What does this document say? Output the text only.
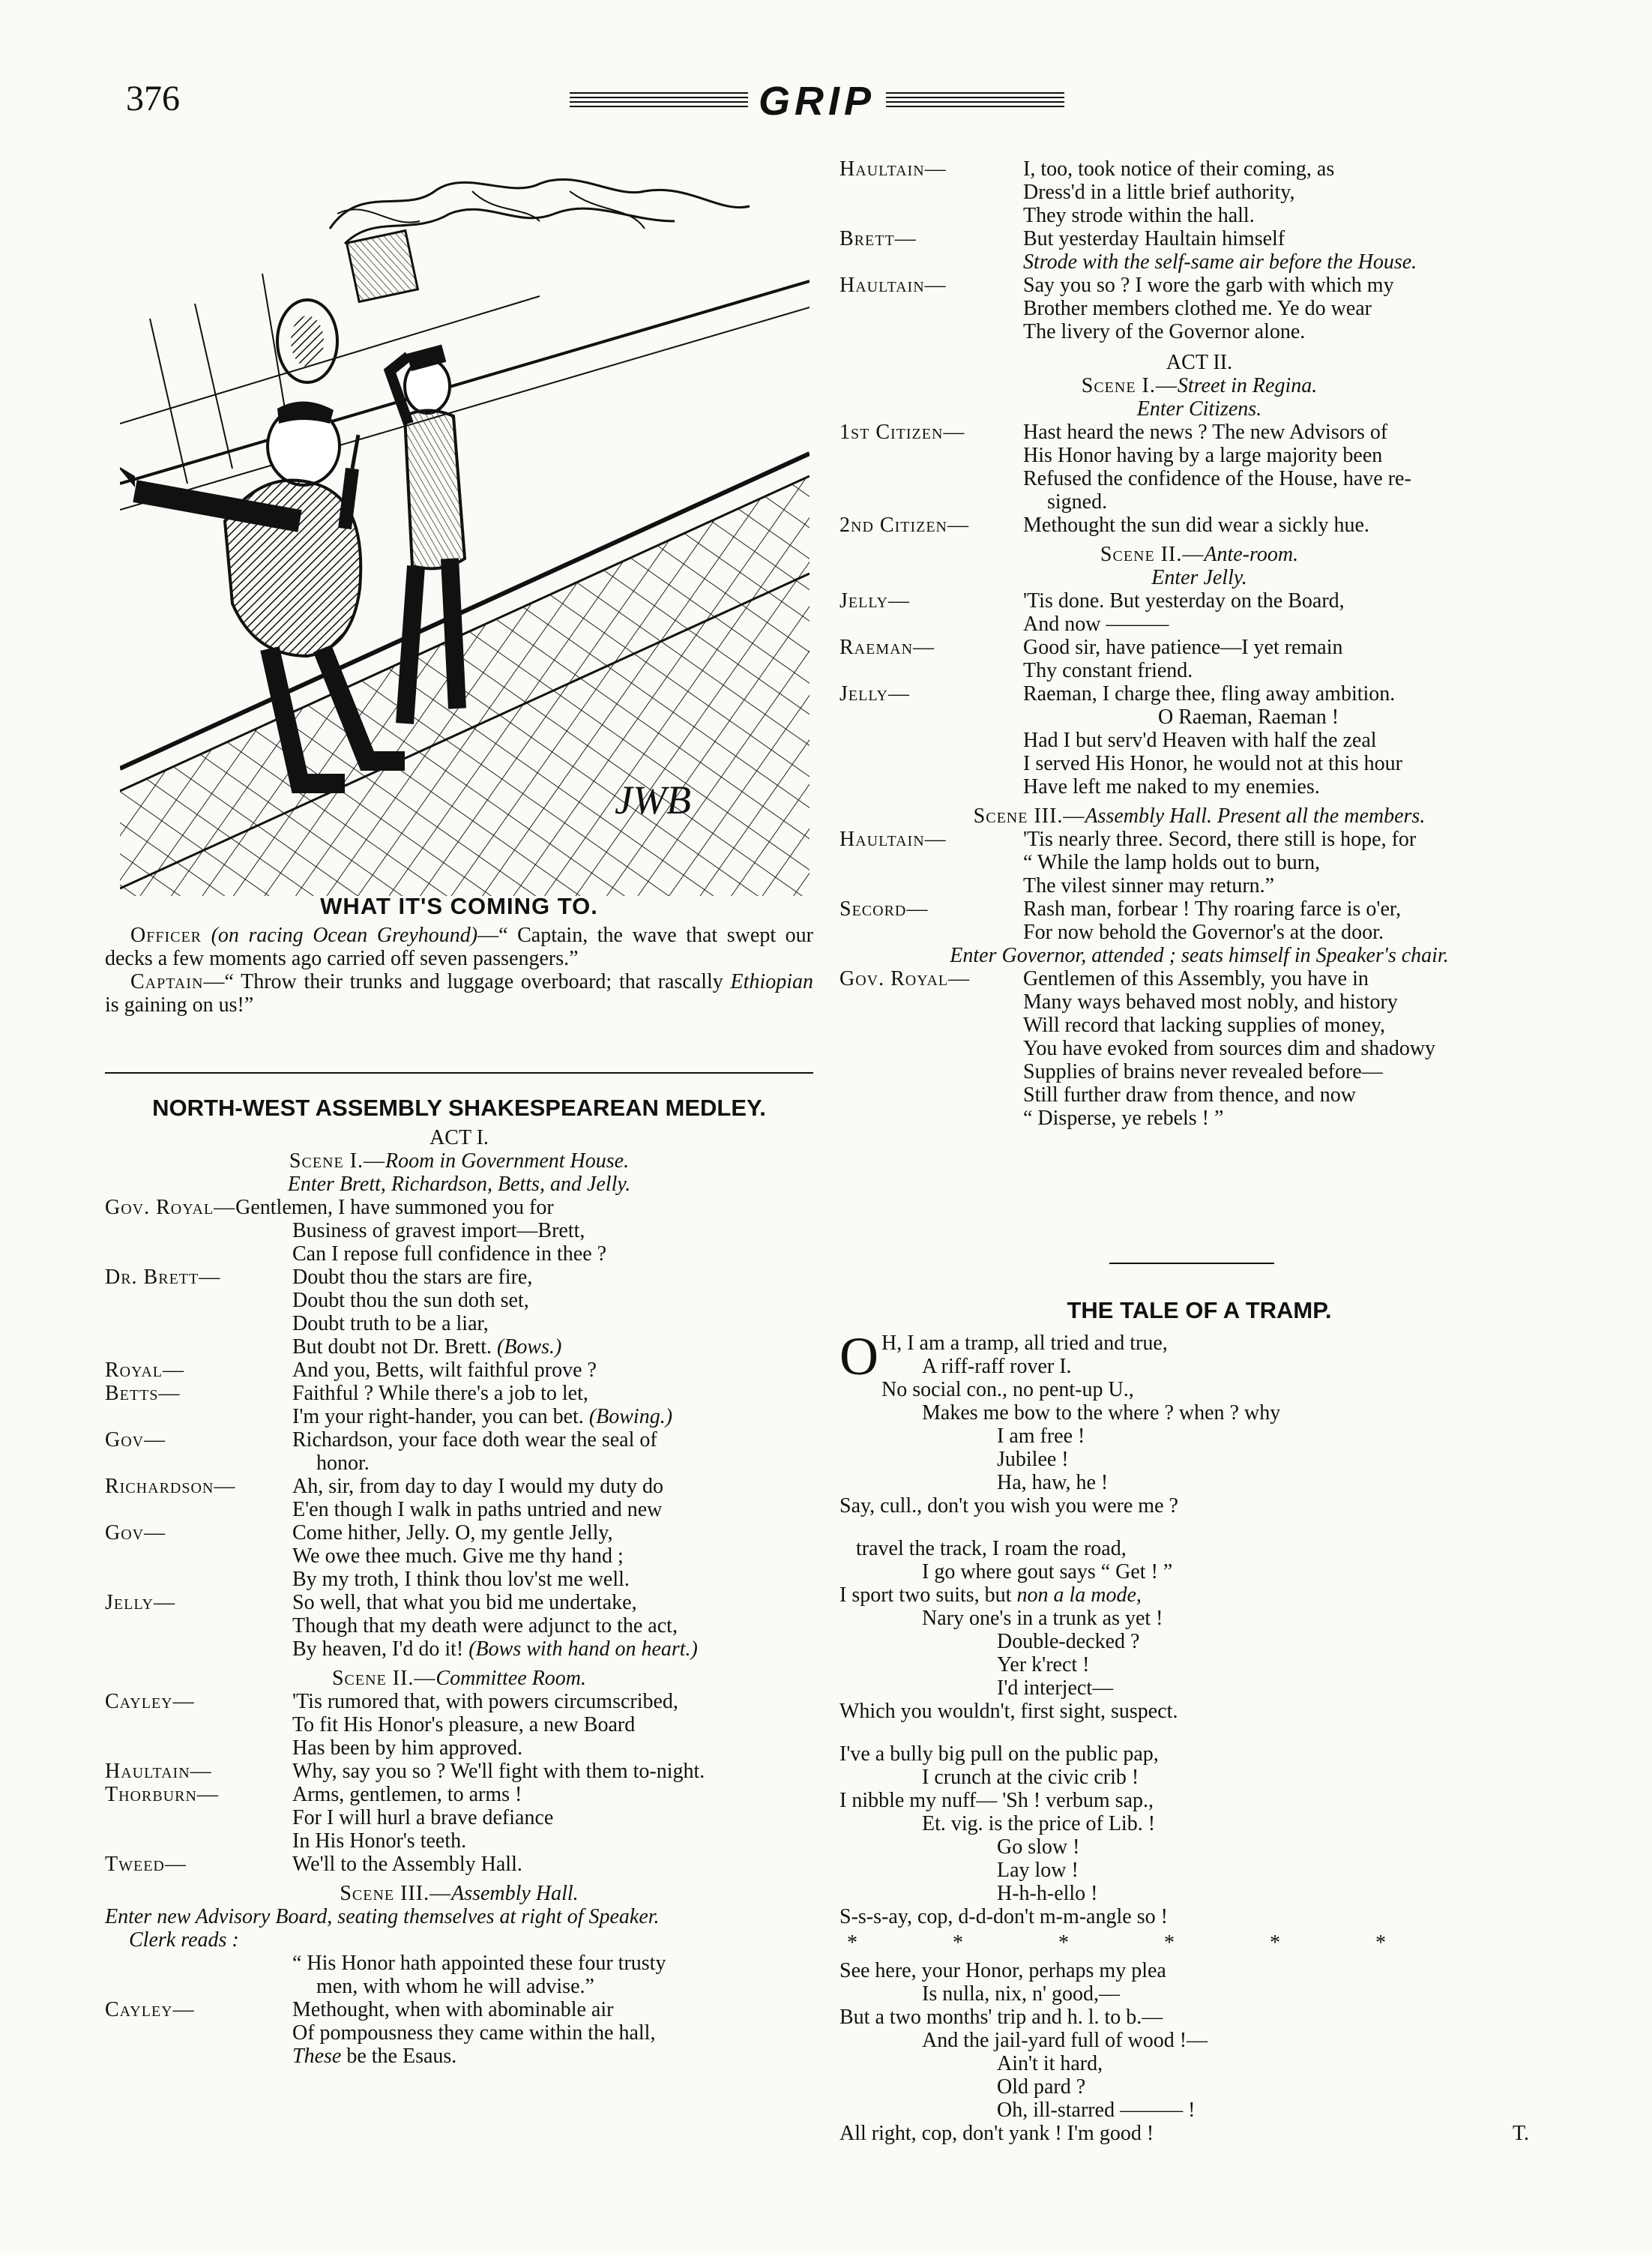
376	GRIP
JWB
WHAT IT'S COMING TO.

Officer (on racing Ocean Greyhound)—“ Captain, the wave that swept our decks a few moments ago carried off seven passengers.”

Captain—“ Throw their trunks and luggage overboard; that rascally Ethiopian is gaining on us!”

NORTH-WEST ASSEMBLY SHAKESPEAREAN MEDLEY.
ACT I.
Scene I.—Room in Government House.
Enter Brett, Richardson, Betts, and Jelly.
Gov. Royal— Gentlemen, I have summoned you for
Business of gravest import—Brett,
Can I repose full confidence in thee ?
Dr. Brett—	Doubt thou the stars are fire,
Doubt thou the sun doth set,
Doubt truth to be a liar,
But doubt not Dr. Brett. (Bows.)
Royal—	And you, Betts, wilt faithful prove ?
Betts—	Faithful ? While there's a job to let,
I'm your right-hander, you can bet. (Bowing.)
Gov—	Richardson, your face doth wear the seal of
honor.
Richardson—	Ah, sir, from day to day I would my duty do
E'en though I walk in paths untried and new
Gov—	Come hither, Jelly. O, my gentle Jelly,
We owe thee much. Give me thy hand ;
By my troth, I think thou lov'st me well.
Jelly—	So well, that what you bid me undertake,
Though that my death were adjunct to the act,
By heaven, I'd do it! (Bows with hand on heart.)
Scene II.—Committee Room.
Cayley—	'Tis rumored that, with powers circumscribed,
To fit His Honor's pleasure, a new Board
Has been by him approved.
Haultain—	Why, say you so ? We'll fight with them to-night.
Thorburn—	Arms, gentlemen, to arms !
For I will hurl a brave defiance
In His Honor's teeth.
Tweed—	We'll to the Assembly Hall.
Scene III.—Assembly Hall.
Enter new Advisory Board, seating themselves at right of Speaker.
Clerk reads :
“ His Honor hath appointed these four trusty
men, with whom he will advise.”
Cayley—	Methought, when with abominable air
Of pompousness they came within the hall,
These be the Esaus.
Haultain—	I, too, took notice of their coming, as
Dress'd in a little brief authority,
They strode within the hall.
Brett—	But yesterday Haultain himself
Strode with the self-same air before the House.
Haultain—	Say you so ? I wore the garb with which my
Brother members clothed me. Ye do wear
The livery of the Governor alone.
ACT II.
Scene I.—Street in Regina.
Enter Citizens.
1st Citizen—	Hast heard the news ? The new Advisors of
His Honor having by a large majority been
Refused the confidence of the House, have re-
signed.
2nd Citizen—	Methought the sun did wear a sickly hue.
Scene II.—Ante-room.
Enter Jelly.
Jelly—	'Tis done. But yesterday on the Board,
And now ———
Raeman—	Good sir, have patience—I yet remain
Thy constant friend.
Jelly—	Raeman, I charge thee, fling away ambition.
O Raeman, Raeman !
Had I but serv'd Heaven with half the zeal
I served His Honor, he would not at this hour
Have left me naked to my enemies.
Scene III.—Assembly Hall. Present all the members.
Haultain—	'Tis nearly three. Secord, there still is hope, for
“ While the lamp holds out to burn,
The vilest sinner may return.”
Secord—	Rash man, forbear ! Thy roaring farce is o'er,
For now behold the Governor's at the door.
Enter Governor, attended ; seats himself in Speaker's chair.
Gov. Royal—	Gentlemen of this Assembly, you have in
Many ways behaved most nobly, and history
Will record that lacking supplies of money,
You have evoked from sources dim and shadowy
Supplies of brains never revealed before—
Still further draw from thence, and now
“ Disperse, ye rebels ! ”
THE TALE OF A TRAMP.
O H, I am a tramp, all tried and true,
A riff-raff rover I.
No social con., no pent-up U.,
Makes me bow to the where ? when ? why
I am free !
Jubilee !
Ha, haw, he !
Say, cull., don't you wish you were me ?
travel the track, I roam the road,
I go where gout says “ Get ! ”
I sport two suits, but non a la mode,
Nary one's in a trunk as yet !
Double-decked ?
Yer k'rect !
I'd interject—
Which you wouldn't, first sight, suspect.
I've a bully big pull on the public pap,
I crunch at the civic crib !
I nibble my nuff— 'Sh ! verbum sap.,
Et. vig. is the price of Lib. !
Go slow !
Lay low !
H-h-h-ello !
S-s-s-ay, cop, d-d-don't m-m-angle so !
* * * * * *
See here, your Honor, perhaps my plea
Is nulla, nix, n' good,—
But a two months' trip and h. l. to b.—
And the jail-yard full of wood !—
Ain't it hard,
Old pard ?
Oh, ill-starred ——— !
All right, cop, don't yank ! I'm good !	T.
